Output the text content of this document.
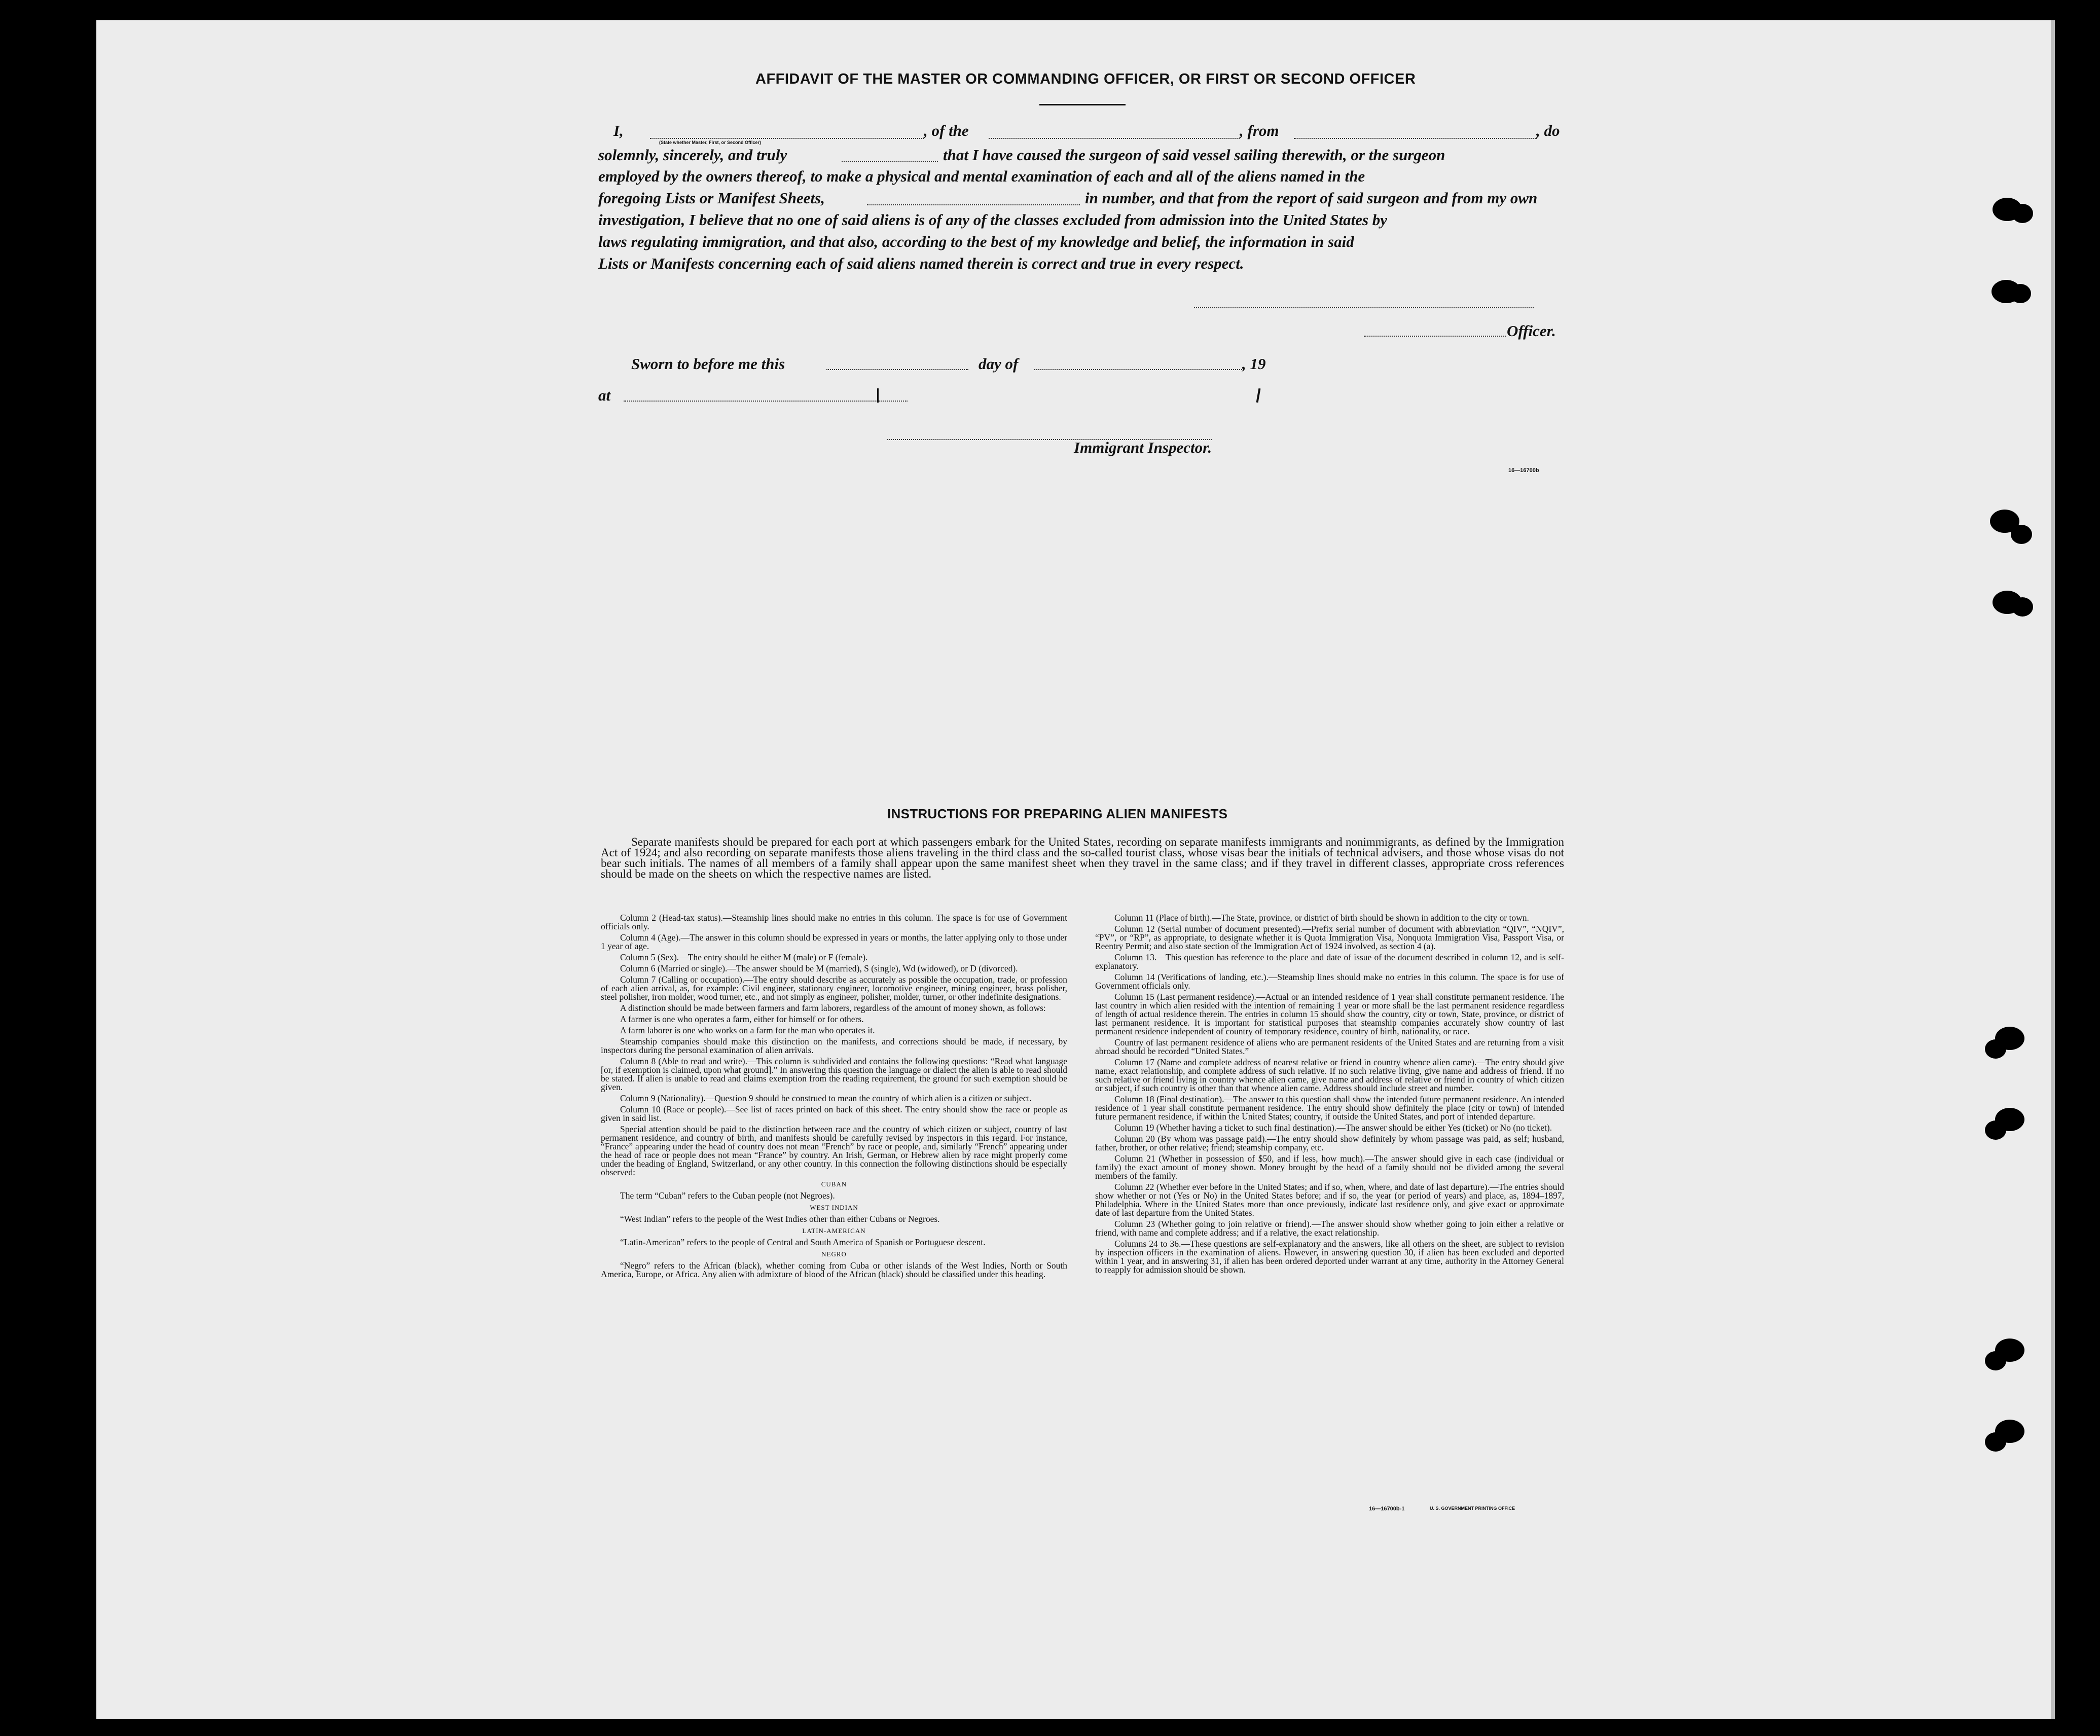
AFFIDAVIT OF THE MASTER OR COMMANDING OFFICER, OR FIRST OR SECOND OFFICER
I,
(State whether Master, First, or Second Officer)
, of the	, from	, do
solemnly, sincerely, and truly	that I have caused the surgeon of said vessel sailing therewith, or the surgeon
employed by the owners thereof, to make a physical and mental examination of each and all of the aliens named in the
foregoing Lists or Manifest Sheets,	in number, and that from the report of said surgeon and from my own
investigation, I believe that no one of said aliens is of any of the classes excluded from admission into the United States by
laws regulating immigration, and that also, according to the best of my knowledge and belief, the information in said
Lists or Manifests concerning each of said aliens named therein is correct and true in every respect.
Officer.
Sworn to before me this	day of	, 19
at
Immigrant Inspector.
16—16700b
INSTRUCTIONS FOR PREPARING ALIEN MANIFESTS

Separate manifests should be prepared for each port at which passengers embark for the United States, recording on separate manifests immigrants and nonimmigrants, as defined by the Immigration Act of 1924; and also recording on separate manifests those aliens traveling in the third class and the so-called tourist class, whose visas bear the initials of technical advisers, and those whose visas do not bear such initials. The names of all members of a family shall appear upon the same manifest sheet when they travel in the same class; and if they travel in different classes, appropriate cross references should be made on the sheets on which the respective names are listed.

Column 2 (Head-tax status).—Steamship lines should make no entries in this column. The space is for use of Government officials only.

Column 4 (Age).—The answer in this column should be expressed in years or months, the latter applying only to those under 1 year of age.

Column 5 (Sex).—The entry should be either M (male) or F (female).

Column 6 (Married or single).—The answer should be M (married), S (single), Wd (widowed), or D (divorced).

Column 7 (Calling or occupation).—The entry should describe as accurately as possible the occupation, trade, or profession of each alien arrival, as, for example: Civil engineer, stationary engineer, locomotive engineer, mining engineer, brass polisher, steel polisher, iron molder, wood turner, etc., and not simply as engineer, polisher, molder, turner, or other indefinite designations.

A distinction should be made between farmers and farm laborers, regardless of the amount of money shown, as follows:

A farmer is one who operates a farm, either for himself or for others.

A farm laborer is one who works on a farm for the man who operates it.

Steamship companies should make this distinction on the manifests, and corrections should be made, if necessary, by inspectors during the personal examination of alien arrivals.

Column 8 (Able to read and write).—This column is subdivided and contains the following questions: “Read what language [or, if exemption is claimed, upon what ground].” In answering this question the language or dialect the alien is able to read should be stated. If alien is unable to read and claims exemption from the reading requirement, the ground for such exemption should be given.

Column 9 (Nationality).—Question 9 should be construed to mean the country of which alien is a citizen or subject.

Column 10 (Race or people).—See list of races printed on back of this sheet. The entry should show the race or people as given in said list.

Special attention should be paid to the distinction between race and the country of which citizen or subject, country of last permanent residence, and country of birth, and manifests should be carefully revised by inspectors in this regard. For instance, “France” appearing under the head of country does not mean “French” by race or people, and, similarly “French” appearing under the head of race or people does not mean “France” by country. An Irish, German, or Hebrew alien by race might properly come under the heading of England, Switzerland, or any other country. In this connection the following distinctions should be especially observed:

CUBAN

The term “Cuban” refers to the Cuban people (not Negroes).

WEST INDIAN

“West Indian” refers to the people of the West Indies other than either Cubans or Negroes.

LATIN-AMERICAN

“Latin-American” refers to the people of Central and South America of Spanish or Portuguese descent.

NEGRO

“Negro” refers to the African (black), whether coming from Cuba or other islands of the West Indies, North or South America, Europe, or Africa. Any alien with admixture of blood of the African (black) should be classified under this heading.

Column 11 (Place of birth).—The State, province, or district of birth should be shown in addition to the city or town.

Column 12 (Serial number of document presented).—Prefix serial number of document with abbreviation “QIV”, “NQIV”, “PV”, or “RP”, as appropriate, to designate whether it is Quota Immigration Visa, Nonquota Immigration Visa, Passport Visa, or Reentry Permit; and also state section of the Immigration Act of 1924 involved, as section 4 (a).

Column 13.—This question has reference to the place and date of issue of the document described in column 12, and is self-explanatory.

Column 14 (Verifications of landing, etc.).—Steamship lines should make no entries in this column. The space is for use of Government officials only.

Column 15 (Last permanent residence).—Actual or an intended residence of 1 year shall constitute permanent residence. The last country in which alien resided with the intention of remaining 1 year or more shall be the last permanent residence regardless of length of actual residence therein. The entries in column 15 should show the country, city or town, State, province, or district of last permanent residence. It is important for statistical purposes that steamship companies accurately show country of last permanent residence independent of country of temporary residence, country of birth, nationality, or race.

Country of last permanent residence of aliens who are permanent residents of the United States and are returning from a visit abroad should be recorded “United States.”

Column 17 (Name and complete address of nearest relative or friend in country whence alien came).—The entry should give name, exact relationship, and complete address of such relative. If no such relative living, give name and address of friend. If no such relative or friend living in country whence alien came, give name and address of relative or friend in country of which citizen or subject, if such country is other than that whence alien came. Address should include street and number.

Column 18 (Final destination).—The answer to this question shall show the intended future permanent residence. An intended residence of 1 year shall constitute permanent residence. The entry should show definitely the place (city or town) of intended future permanent residence, if within the United States; country, if outside the United States, and port of intended departure.

Column 19 (Whether having a ticket to such final destination).—The answer should be either Yes (ticket) or No (no ticket).

Column 20 (By whom was passage paid).—The entry should show definitely by whom passage was paid, as self; husband, father, brother, or other relative; friend; steamship company, etc.

Column 21 (Whether in possession of $50, and if less, how much).—The answer should give in each case (individual or family) the exact amount of money shown. Money brought by the head of a family should not be divided among the several members of the family.

Column 22 (Whether ever before in the United States; and if so, when, where, and date of last departure).—The entries should show whether or not (Yes or No) in the United States before; and if so, the year (or period of years) and place, as, 1894–1897, Philadelphia. Where in the United States more than once previously, indicate last residence only, and give exact or approximate date of last departure from the United States.

Column 23 (Whether going to join relative or friend).—The answer should show whether going to join either a relative or friend, with name and complete address; and if a relative, the exact relationship.

Columns 24 to 36.—These questions are self-explanatory and the answers, like all others on the sheet, are subject to revision by inspection officers in the examination of aliens. However, in answering question 30, if alien has been excluded and deported within 1 year, and in answering 31, if alien has been ordered deported under warrant at any time, authority in the Attorney General to reapply for admission should be shown.

16—16700b-1	U. S. GOVERNMENT PRINTING OFFICE
